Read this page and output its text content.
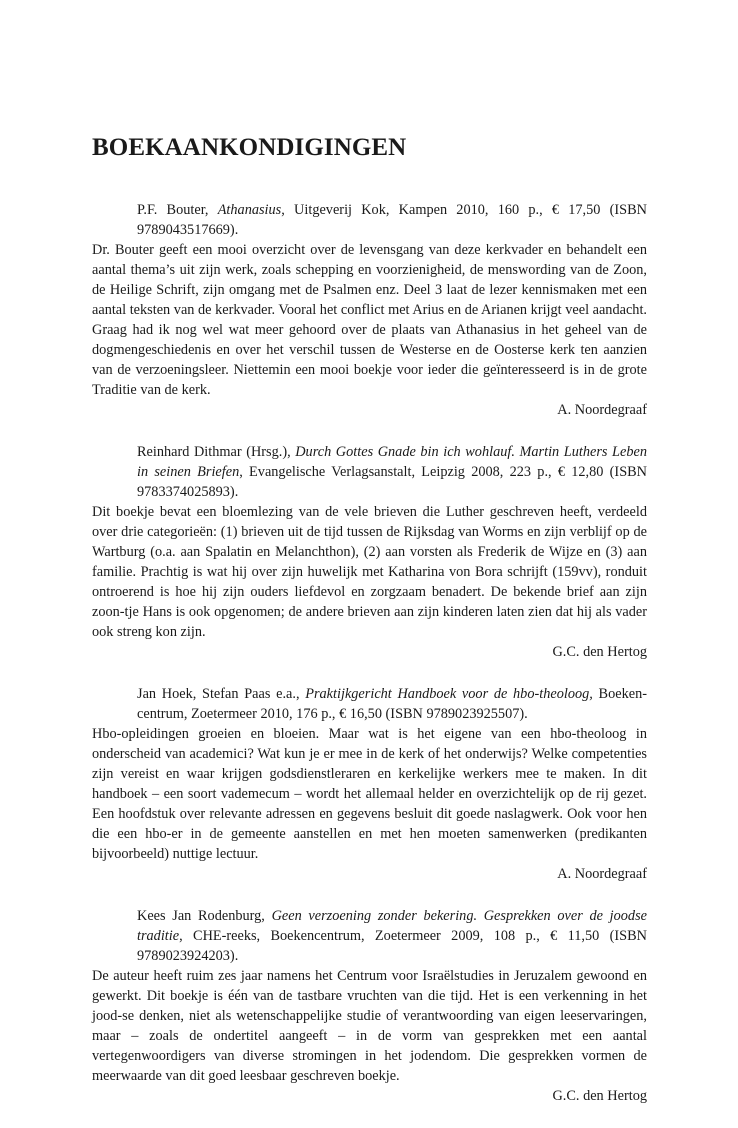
BOEKAANKONDIGINGEN

P.F. Bouter, Athanasius, Uitgeverij Kok, Kampen 2010, 160 p., € 17,50 (ISBN 9789043517669).

Dr. Bouter geeft een mooi overzicht over de levensgang van deze kerkvader en behandelt een aantal thema’s uit zijn werk, zoals schepping en voorzienigheid, de menswording van de Zoon, de Heilige Schrift, zijn omgang met de Psalmen enz. Deel 3 laat de lezer kennismaken met een aantal teksten van de kerkvader. Vooral het conflict met Arius en de Arianen krijgt veel aandacht. Graag had ik nog wel wat meer gehoord over de plaats van Athanasius in het geheel van de dogmengeschiedenis en over het verschil tussen de Westerse en de Oosterse kerk ten aanzien van de verzoeningsleer. Niettemin een mooi boekje voor ieder die geïnteresseerd is in de grote Traditie van de kerk.

A. Noordegraaf

Reinhard Dithmar (Hrsg.), Durch Gottes Gnade bin ich wohlauf. Martin Luthers Leben in seinen Briefen, Evangelische Verlagsanstalt, Leipzig 2008, 223 p., € 12,80 (ISBN 9783374025893).

Dit boekje bevat een bloemlezing van de vele brieven die Luther geschreven heeft, verdeeld over drie categorieën: (1) brieven uit de tijd tussen de Rijksdag van Worms en zijn verblijf op de Wartburg (o.a. aan Spalatin en Melanchthon), (2) aan vorsten als Frederik de Wijze en (3) aan familie. Prachtig is wat hij over zijn huwelijk met Katharina von Bora schrijft (159vv), ronduit ontroerend is hoe hij zijn ouders liefdevol en zorgzaam benadert. De bekende brief aan zijn zoon-tje Hans is ook opgenomen; de andere brieven aan zijn kinderen laten zien dat hij als vader ook streng kon zijn.

G.C. den Hertog

Jan Hoek, Stefan Paas e.a., Praktijkgericht Handboek voor de hbo-theoloog, Boeken-centrum, Zoetermeer 2010, 176 p., € 16,50 (ISBN 9789023925507).

Hbo-opleidingen groeien en bloeien. Maar wat is het eigene van een hbo-theoloog in onderscheid van academici? Wat kun je er mee in de kerk of het onderwijs? Welke competenties zijn vereist en waar krijgen godsdienstleraren en kerkelijke werkers mee te maken. In dit handboek – een soort vademecum – wordt het allemaal helder en overzichtelijk op de rij gezet. Een hoofdstuk over relevante adressen en gegevens besluit dit goede naslagwerk. Ook voor hen die een hbo-er in de gemeente aanstellen en met hen moeten samenwerken (predikanten bijvoorbeeld) nuttige lectuur.

A. Noordegraaf

Kees Jan Rodenburg, Geen verzoening zonder bekering. Gesprekken over de joodse traditie, CHE-reeks, Boekencentrum, Zoetermeer 2009, 108 p., € 11,50 (ISBN 9789023924203).

De auteur heeft ruim zes jaar namens het Centrum voor Israëlstudies in Jeruzalem gewoond en gewerkt. Dit boekje is één van de tastbare vruchten van die tijd. Het is een verkenning in het jood-se denken, niet als wetenschappelijke studie of verantwoording van eigen leeservaringen, maar – zoals de ondertitel aangeeft – in de vorm van gesprekken met een aantal vertegenwoordigers van diverse stromingen in het jodendom. Die gesprekken vormen de meerwaarde van dit goed leesbaar geschreven boekje.

G.C. den Hertog
